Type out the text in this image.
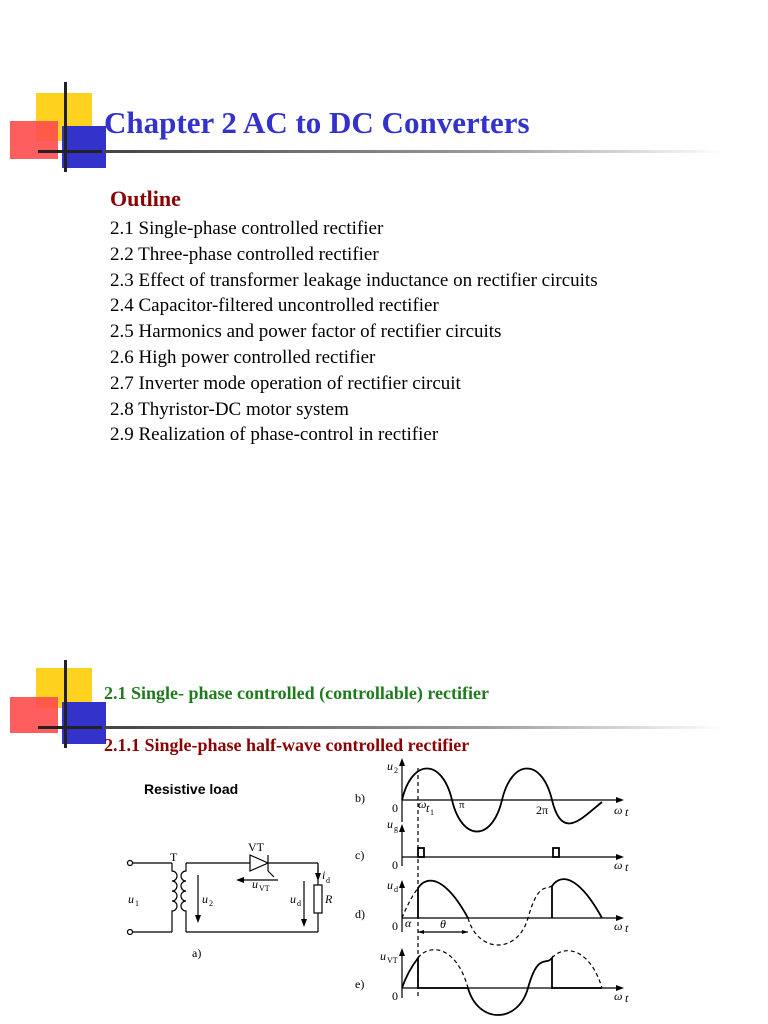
Chapter 2 AC to DC Converters
Outline
2.1 Single-phase controlled rectifier
2.2 Three-phase controlled rectifier
2.3 Effect of transformer leakage inductance on rectifier circuits
2.4 Capacitor-filtered uncontrolled rectifier
2.5 Harmonics and power factor of rectifier circuits
2.6 High power controlled rectifier
2.7 Inverter mode operation of rectifier circuit
2.8 Thyristor-DC motor system
2.9 Realization of phase-control in rectifier
2.1 Single- phase controlled (controllable) rectifier
2.1.1 Single-phase half-wave controlled rectifier
Resistive load
T
VT
u 1	u 2
u VT
i d
u d R
a)
b)
c)
d)
e)
0
0
0
0
u 2
u g
u d
u VT
ω t 1
π	2π	ω t
ω t
ω t
ω t
α θ
